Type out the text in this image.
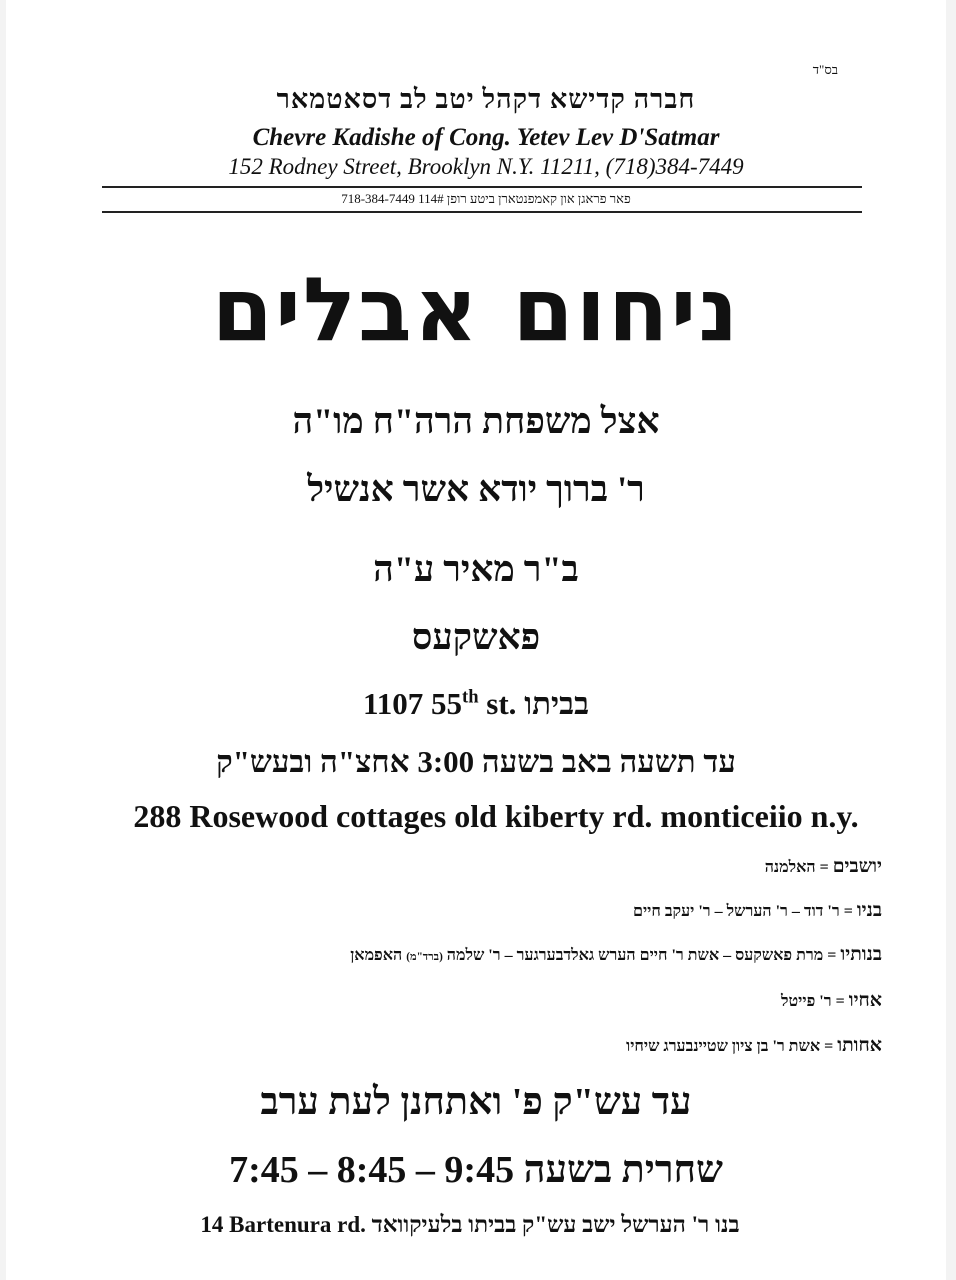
בס"ד
חברה קדישא דקהל יטב לב דסאטמאר
Chevre Kadishe of Cong. Yetev Lev D'Satmar
152 Rodney Street, Brooklyn N.Y. 11211, (718)384-7449
פאר פראגן און קאמפנטארן ביטע רופן 114# 718-384-7449
ניחום אבלים
אצל משפחת הרה"ח מו"ה
ר' ברוך יודא אשר אנשיל
ב"ר מאיר ע"ה
פאשקעס
בביתו 1107 55th st.
עד תשעה באב בשעה 3:00 אחצ"ה ובעש"ק
288 Rosewood cottages old kiberty rd. monticeiio n.y.
יושבים = האלמנה
בניו = ר' דוד – ר' הערשל – ר' יעקב חיים
בנותיו = מרת פאשקעס – אשת ר' חיים הערש גאלדבערגער – ר' שלמה (ברד"מ) האפמאן
אחיו = ר' פייטל
אחותו = אשת ר' בן ציון שטיינבערג שיחיו
עד עש"ק פ' ואתחנן לעת ערב
שחרית בשעה 7:45 – 8:45 – 9:45
בנו ר' הערשל ישב עש"ק בביתו בלעיקוואד 14 Bartenura rd.
